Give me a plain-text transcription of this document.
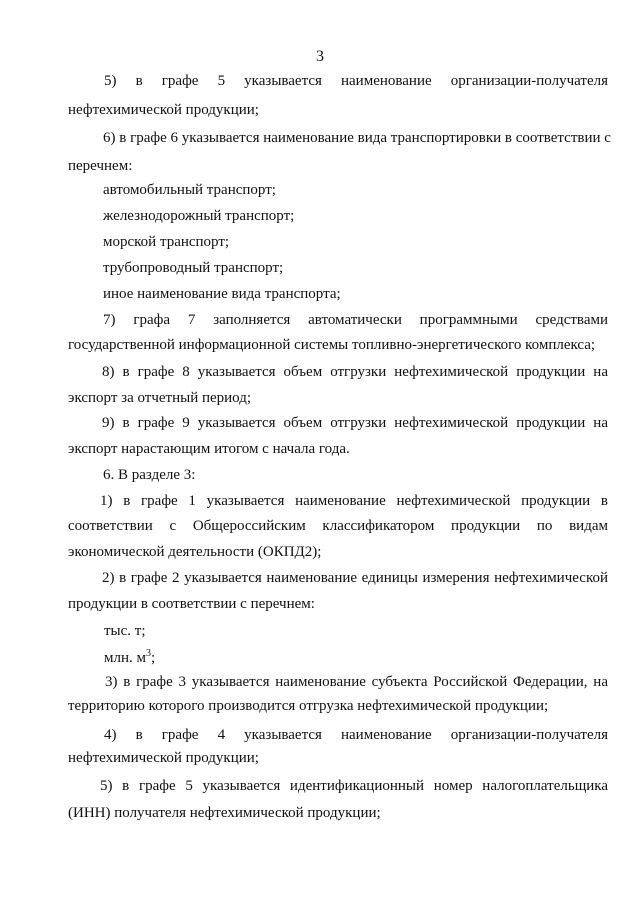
3
5) в графе 5 указывается наименование организации-получателя
нефтехимической продукции;
6) в графе 6 указывается наименование вида транспортировки в соответствии с
перечнем:
автомобильный транспорт;
железнодорожный транспорт;
морской транспорт;
трубопроводный транспорт;
иное наименование вида транспорта;
7) графа 7 заполняется автоматически программными средствами
государственной информационной системы топливно-энергетического комплекса;
8) в графе 8 указывается объем отгрузки нефтехимической продукции на
экспорт за отчетный период;
9) в графе 9 указывается объем отгрузки нефтехимической продукции на
экспорт нарастающим итогом с начала года.
6. В разделе 3:
1) в графе 1 указывается наименование нефтехимической продукции в
соответствии с Общероссийским классификатором продукции по видам
экономической деятельности (ОКПД2);
2) в графе 2 указывается наименование единицы измерения нефтехимической
продукции в соответствии с перечнем:
тыс. т;
млн. $м^3$;
3) в графе 3 указывается наименование субъекта Российской Федерации, на
территорию которого производится отгрузка нефтехимической продукции;
4) в графе 4 указывается наименование организации-получателя
нефтехимической продукции;
5) в графе 5 указывается идентификационный номер налогоплательщика
(ИНН) получателя нефтехимической продукции;
